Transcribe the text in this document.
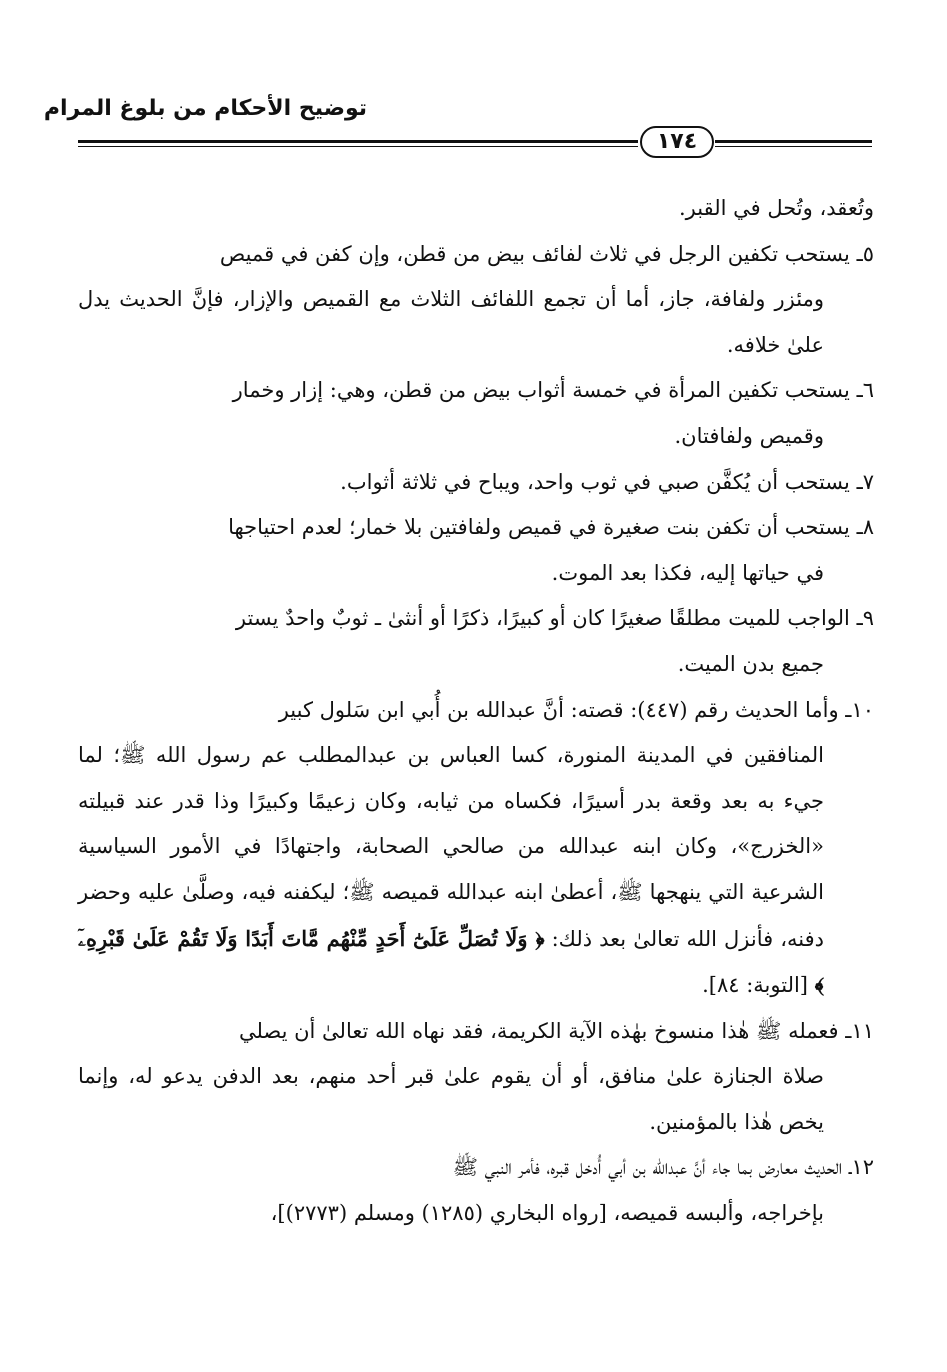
توضيح الأحكام من بلوغ المرام
١٧٤

وتُعقد، وتُحل في القبر.

٥ـ يستحب تكفين الرجل في ثلاث لفائف بيض من قطن، وإن كفن في قميص
ومئزر ولفافة، جاز، أما أن تجمع اللفائف الثلاث مع القميص والإزار، فإنَّ الحديث يدل علىٰ خلافه.

٦ـ يستحب تكفين المرأة في خمسة أثواب بيض من قطن، وهي: إزار وخمار
وقميص ولفافتان.

٧ـ يستحب أن يُكفَّن صبي في ثوب واحد، ويباح في ثلاثة أثواب.

٨ـ يستحب أن تكفن بنت صغيرة في قميص ولفافتين بلا خمار؛ لعدم احتياجها
في حياتها إليه، فكذا بعد الموت.

٩ـ الواجب للميت مطلقًا صغيرًا كان أو كبيرًا، ذكرًا أو أنثىٰ ـ ثوبٌ واحدٌ يستر
جميع بدن الميت.

١٠ـ وأما الحديث رقم (٤٤٧): قصته: أنَّ عبدالله بن أُبي ابن سَلول كبير
المنافقين في المدينة المنورة، كسا العباس بن عبدالمطلب عم رسول الله ﷺ؛ لما جيء به بعد وقعة بدر أسيرًا، فكساه من ثيابه، وكان زعيمًا وكبيرًا وذا قدر عند قبيلته «الخزرج»، وكان ابنه عبدالله من صالحي الصحابة، واجتهادًا في الأمور السياسية الشرعية التي ينهجها ﷺ، أعطىٰ ابنه عبدالله قميصه ﷺ؛ ليكفنه فيه، وصلَّىٰ عليه وحضر دفنه، فأنزل الله تعالىٰ بعد ذلك: ﴿ وَلَا تُصَلِّ عَلَىٰٓ أَحَدٍ مِّنْهُم مَّاتَ أَبَدًا وَلَا تَقُمْ عَلَىٰ قَبْرِهِۦٓ ﴾ [التوبة: ٨٤].

١١ـ فعمله ﷺ هٰذا منسوخ بهٰذه الآية الكريمة، فقد نهاه الله تعالىٰ أن يصلي
صلاة الجنازة علىٰ منافق، أو أن يقوم علىٰ قبر أحد منهم، بعد الدفن يدعو له، وإنما يخص هٰذا بالمؤمنين.

١٢ـ الحديث معارض بما جاء أنَّ عبدالله بن أبي أُدخل قبره، فأمر النبي ﷺ
بإخراجه، وألبسه قميصه، [رواه البخاري (١٢٨٥) ومسلم (٢٧٧٣)]،
